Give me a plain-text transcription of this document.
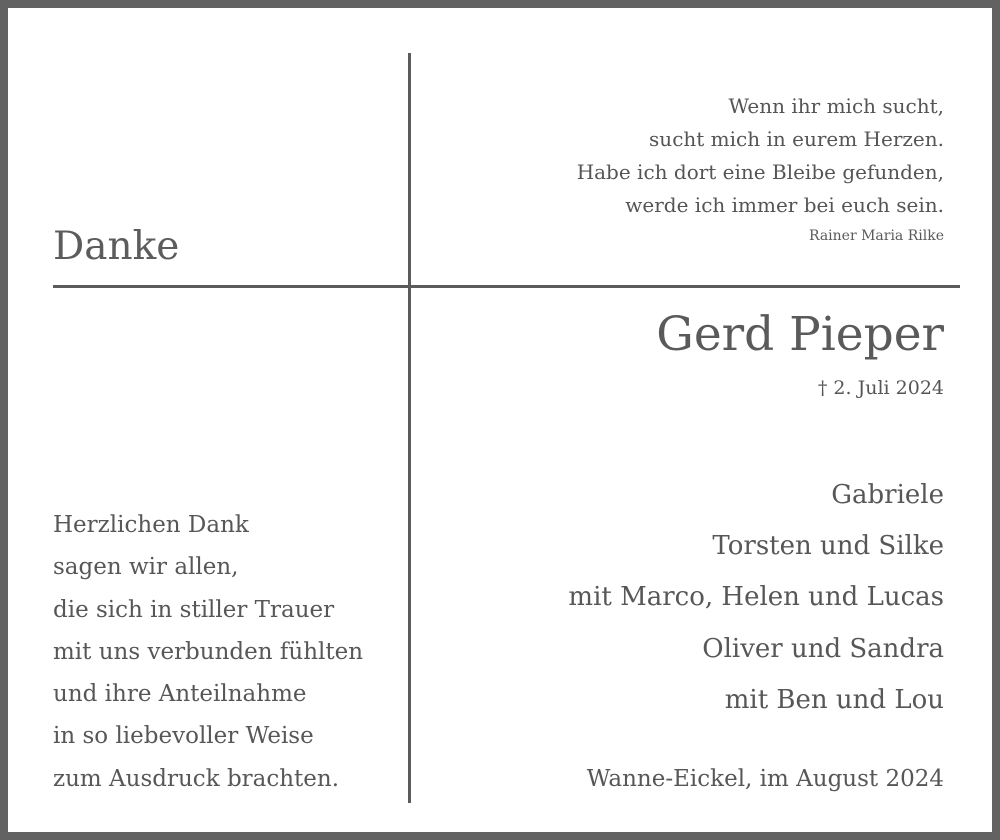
Danke
Wenn ihr mich sucht,
sucht mich in eurem Herzen.
Habe ich dort eine Bleibe gefunden,
werde ich immer bei euch sein.
Rainer Maria Rilke
Gerd Pieper
† 2. Juli 2024
Herzlichen Dank
sagen wir allen,
die sich in stiller Trauer
mit uns verbunden fühlten
und ihre Anteilnahme
in so liebevoller Weise
zum Ausdruck brachten.
Gabriele
Torsten und Silke
mit Marco, Helen und Lucas
Oliver und Sandra
mit Ben und Lou
Wanne-Eickel, im August 2024
